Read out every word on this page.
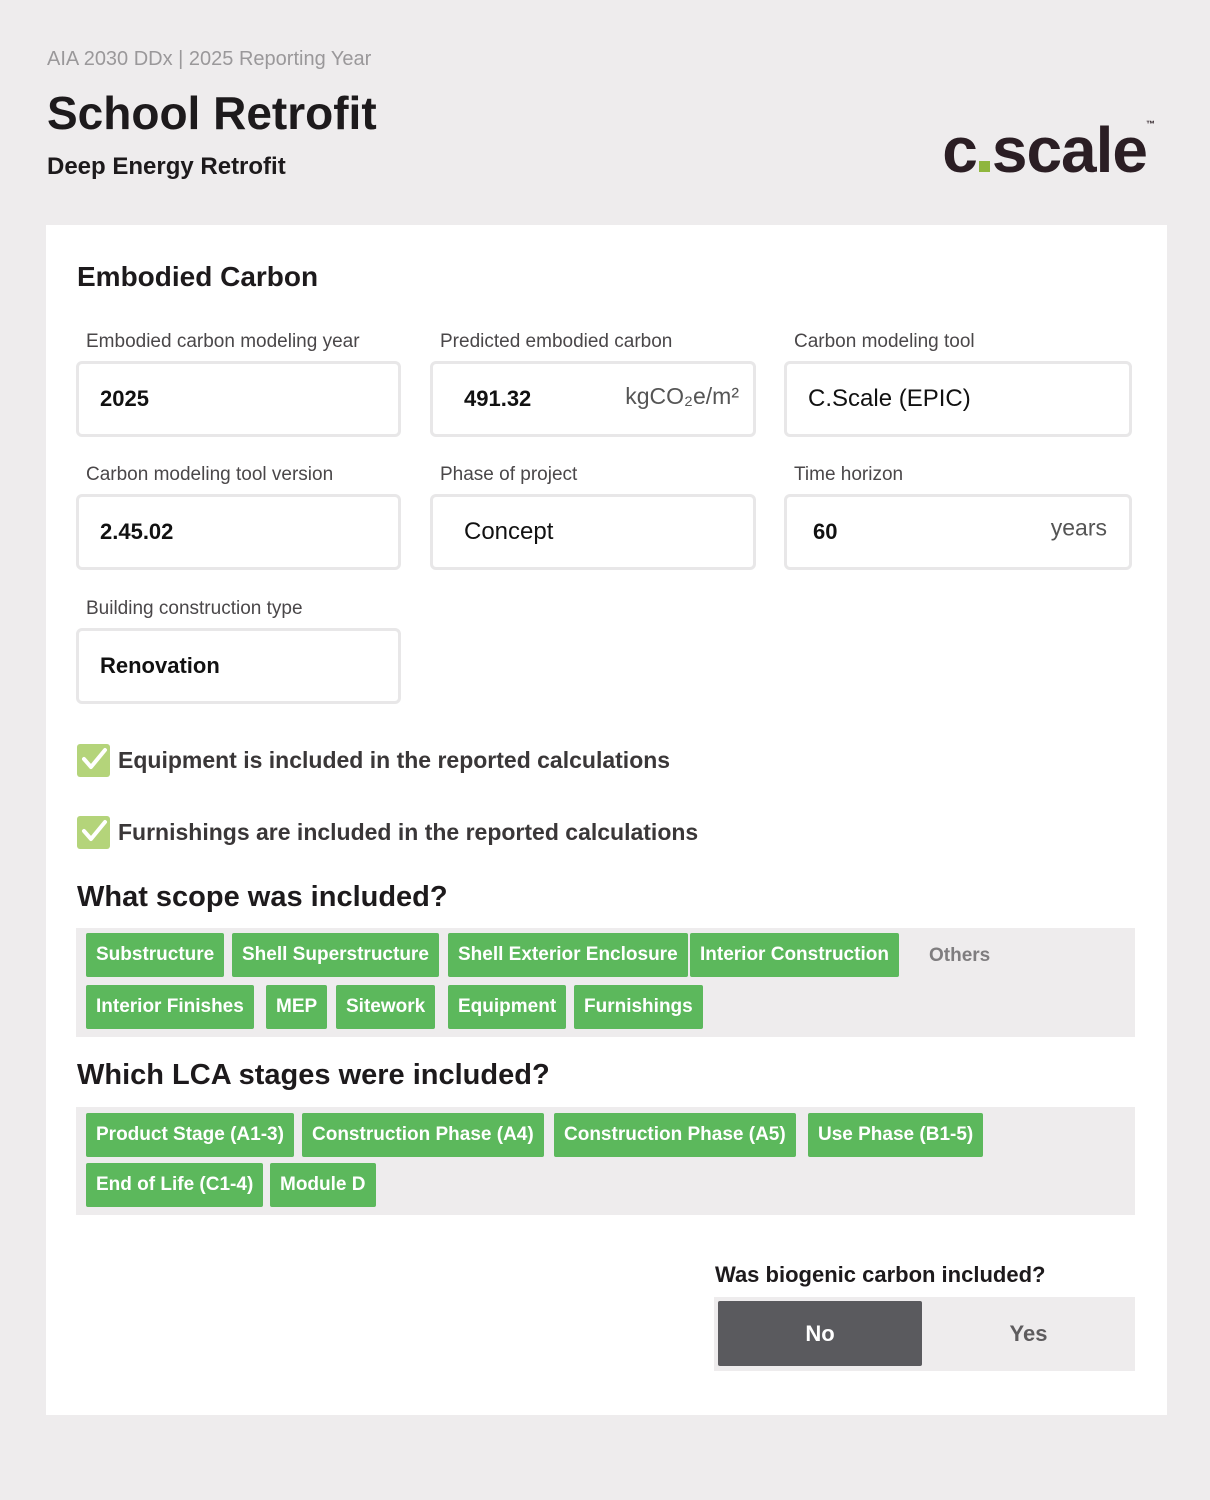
AIA 2030 DDx | 2025 Reporting Year
School Retrofit
Deep Energy Retrofit	c scale ™
Embodied Carbon
Embodied carbon modeling year
2025
Predicted embodied carbon
491.32	kgCO₂e/m²
Carbon modeling tool
C.Scale (EPIC)
Carbon modeling tool version
2.45.02
Phase of project
Concept
Time horizon
60	years
Building construction type
Renovation
Equipment is included in the reported calculations
Furnishings are included in the reported calculations
What scope was included?
Substructure	Shell Superstructure	Shell Exterior Enclosure	Interior Construction	Others
Interior Finishes	MEP	Sitework	Equipment	Furnishings
Which LCA stages were included?
Product Stage (A1-3)	Construction Phase (A4)	Construction Phase (A5)	Use Phase (B1-5)
End of Life (C1-4)	Module D
Was biogenic carbon included?
No	Yes
